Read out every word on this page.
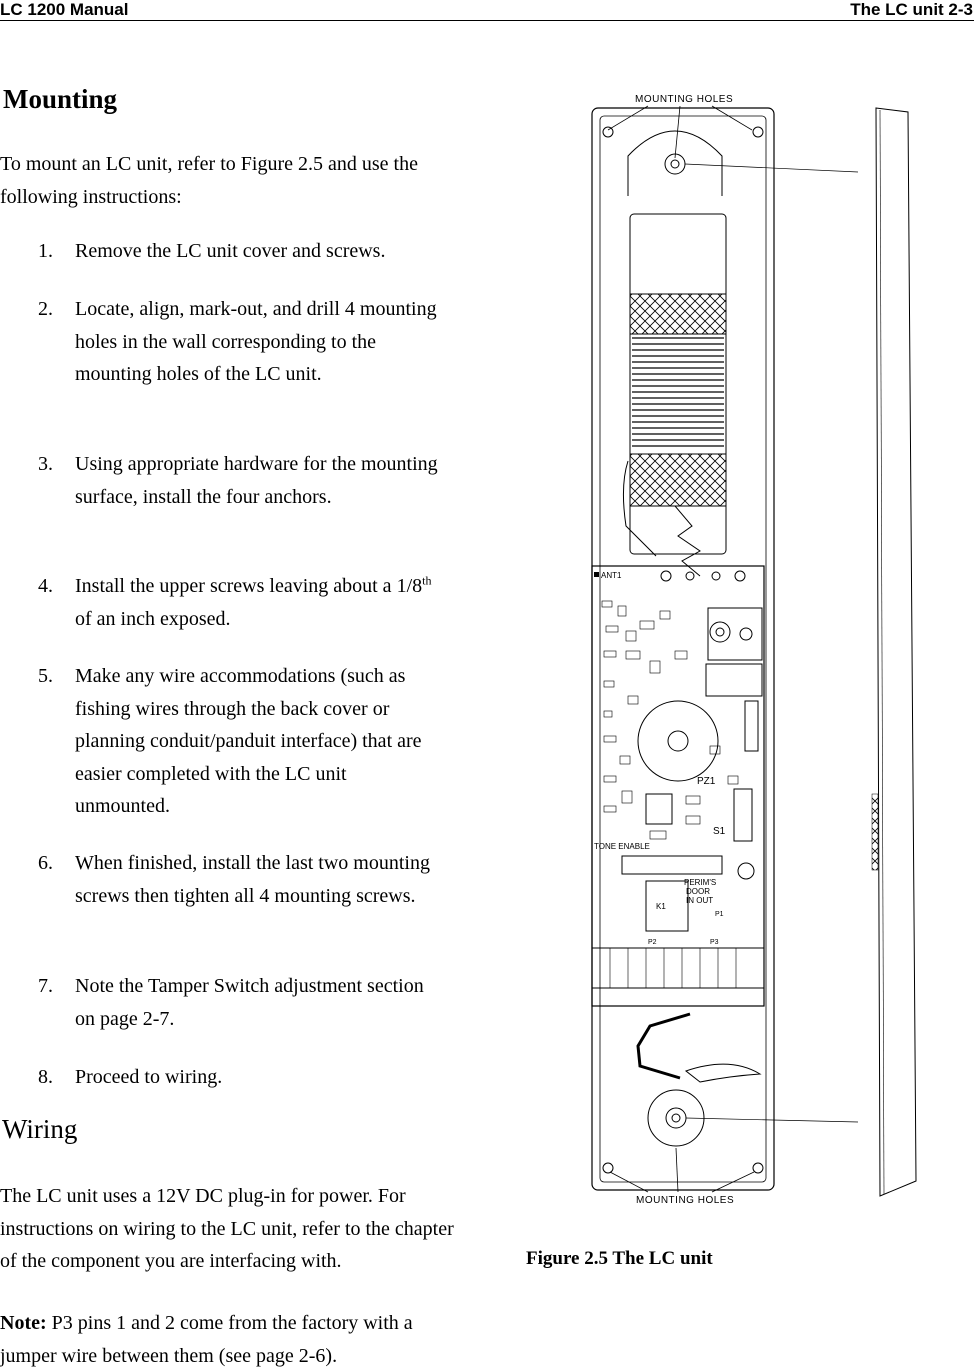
LC 1200 Manual	The LC unit 2-3
Mounting

To mount an LC unit, refer to Figure 2.5 and use the following instructions:

1. Remove the LC unit cover and screws.
2. Locate, align, mark-out, and drill 4 mounting holes in the wall corresponding to the mounting holes of the LC unit.
3. Using appropriate hardware for the mounting surface, install the four anchors.
4. Install the upper screws leaving about a 1/8th of an inch exposed.
5. Make any wire accommodations (such as fishing wires through the back cover or planning conduit/panduit interface) that are easier completed with the LC unit unmounted.
6. When finished, install the last two mounting screws then tighten all 4 mounting screws.
7. Note the Tamper Switch adjustment section on page 2-7.
8. Proceed to wiring.
Wiring

The LC unit uses a 12V DC plug-in for power. For instructions on wiring to the LC unit, refer to the chapter of the component you are interfacing with.

Note: P3 pins 1 and 2 come from the factory with a jumper wire between them (see page 2-6).

MOUNTING HOLES
ANT1
PZ1
S1
TONE ENABLE
K1
PERIM'S
DOOR
IN OUT
P1
P2	P3
MOUNTING HOLES
Figure 2.5 The LC unit
